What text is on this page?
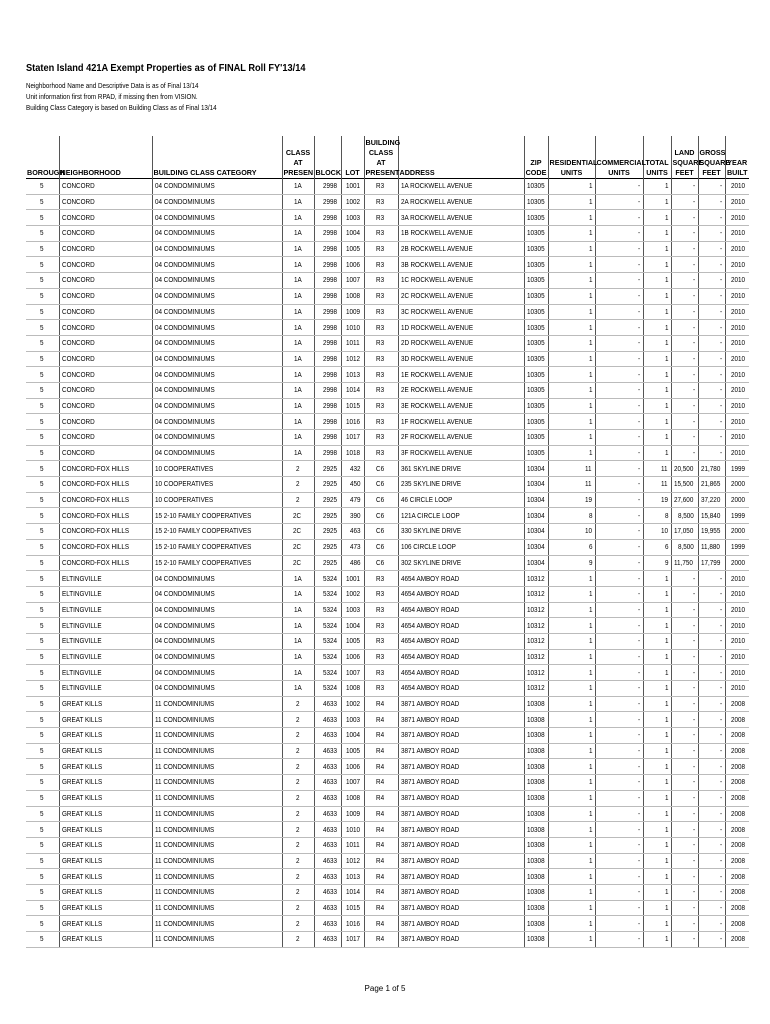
Staten Island 421A Exempt Properties as of FINAL Roll FY'13/14
Neighborhood Name and Descriptive Data is as of Final 13/14
Unit information first from RPAD, if missing then from VISION.
Building Class Category is based on Building Class as of Final 13/14
BOROUGH	NEIGHBORHOOD	BUILDING CLASS CATEGORY	CLASS
AT
PRESEN	BLOCK	LOT	BUILDING
CLASS AT
PRESENT	ADDRESS	ZIP
CODE	RESIDENTIAL
UNITS	COMMERCIAL
UNITS	TOTAL
UNITS	LAND
SQUARE
FEET	GROSS
SQUARE
FEET	YEAR
BUILT
5	CONCORD	04 CONDOMINIUMS	1A	2998	1001	R3	1A ROCKWELL AVENUE	10305	1	-	1	-	-	2010
5	CONCORD	04 CONDOMINIUMS	1A	2998	1002	R3	2A ROCKWELL AVENUE	10305	1	-	1	-	-	2010
5	CONCORD	04 CONDOMINIUMS	1A	2998	1003	R3	3A ROCKWELL AVENUE	10305	1	-	1	-	-	2010
5	CONCORD	04 CONDOMINIUMS	1A	2998	1004	R3	1B ROCKWELL AVENUE	10305	1	-	1	-	-	2010
5	CONCORD	04 CONDOMINIUMS	1A	2998	1005	R3	2B ROCKWELL AVENUE	10305	1	-	1	-	-	2010
5	CONCORD	04 CONDOMINIUMS	1A	2998	1006	R3	3B ROCKWELL AVENUE	10305	1	-	1	-	-	2010
5	CONCORD	04 CONDOMINIUMS	1A	2998	1007	R3	1C ROCKWELL AVENUE	10305	1	-	1	-	-	2010
5	CONCORD	04 CONDOMINIUMS	1A	2998	1008	R3	2C ROCKWELL AVENUE	10305	1	-	1	-	-	2010
5	CONCORD	04 CONDOMINIUMS	1A	2998	1009	R3	3C ROCKWELL AVENUE	10305	1	-	1	-	-	2010
5	CONCORD	04 CONDOMINIUMS	1A	2998	1010	R3	1D ROCKWELL AVENUE	10305	1	-	1	-	-	2010
5	CONCORD	04 CONDOMINIUMS	1A	2998	1011	R3	2D ROCKWELL AVENUE	10305	1	-	1	-	-	2010
5	CONCORD	04 CONDOMINIUMS	1A	2998	1012	R3	3D ROCKWELL AVENUE	10305	1	-	1	-	-	2010
5	CONCORD	04 CONDOMINIUMS	1A	2998	1013	R3	1E ROCKWELL AVENUE	10305	1	-	1	-	-	2010
5	CONCORD	04 CONDOMINIUMS	1A	2998	1014	R3	2E ROCKWELL AVENUE	10305	1	-	1	-	-	2010
5	CONCORD	04 CONDOMINIUMS	1A	2998	1015	R3	3E ROCKWELL AVENUE	10305	1	-	1	-	-	2010
5	CONCORD	04 CONDOMINIUMS	1A	2998	1016	R3	1F ROCKWELL AVENUE	10305	1	-	1	-	-	2010
5	CONCORD	04 CONDOMINIUMS	1A	2998	1017	R3	2F ROCKWELL AVENUE	10305	1	-	1	-	-	2010
5	CONCORD	04 CONDOMINIUMS	1A	2998	1018	R3	3F ROCKWELL AVENUE	10305	1	-	1	-	-	2010
5	CONCORD-FOX HILLS	10 COOPERATIVES	2	2925	432	C6	361 SKYLINE DRIVE	10304	11	-	11	20,500	21,780	1999
5	CONCORD-FOX HILLS	10 COOPERATIVES	2	2925	450	C6	235 SKYLINE DRIVE	10304	11	-	11	15,500	21,865	2000
5	CONCORD-FOX HILLS	10 COOPERATIVES	2	2925	479	C6	46 CIRCLE LOOP	10304	19	-	19	27,600	37,220	2000
5	CONCORD-FOX HILLS	15 2-10 FAMILY COOPERATIVES	2C	2925	390	C6	121A CIRCLE LOOP	10304	8	-	8	8,500	15,840	1999
5	CONCORD-FOX HILLS	15 2-10 FAMILY COOPERATIVES	2C	2925	463	C6	330 SKYLINE DRIVE	10304	10	-	10	17,050	19,955	2000
5	CONCORD-FOX HILLS	15 2-10 FAMILY COOPERATIVES	2C	2925	473	C6	106 CIRCLE LOOP	10304	6	-	6	8,500	11,880	1999
5	CONCORD-FOX HILLS	15 2-10 FAMILY COOPERATIVES	2C	2925	486	C6	302 SKYLINE DRIVE	10304	9	-	9	11,750	17,799	2000
5	ELTINGVILLE	04 CONDOMINIUMS	1A	5324	1001	R3	4654 AMBOY ROAD	10312	1	-	1	-	-	2010
5	ELTINGVILLE	04 CONDOMINIUMS	1A	5324	1002	R3	4654 AMBOY ROAD	10312	1	-	1	-	-	2010
5	ELTINGVILLE	04 CONDOMINIUMS	1A	5324	1003	R3	4654 AMBOY ROAD	10312	1	-	1	-	-	2010
5	ELTINGVILLE	04 CONDOMINIUMS	1A	5324	1004	R3	4654 AMBOY ROAD	10312	1	-	1	-	-	2010
5	ELTINGVILLE	04 CONDOMINIUMS	1A	5324	1005	R3	4654 AMBOY ROAD	10312	1	-	1	-	-	2010
5	ELTINGVILLE	04 CONDOMINIUMS	1A	5324	1006	R3	4654 AMBOY ROAD	10312	1	-	1	-	-	2010
5	ELTINGVILLE	04 CONDOMINIUMS	1A	5324	1007	R3	4654 AMBOY ROAD	10312	1	-	1	-	-	2010
5	ELTINGVILLE	04 CONDOMINIUMS	1A	5324	1008	R3	4654 AMBOY ROAD	10312	1	-	1	-	-	2010
5	GREAT KILLS	11 CONDOMINIUMS	2	4633	1002	R4	3871 AMBOY ROAD	10308	1	-	1	-	-	2008
5	GREAT KILLS	11 CONDOMINIUMS	2	4633	1003	R4	3871 AMBOY ROAD	10308	1	-	1	-	-	2008
5	GREAT KILLS	11 CONDOMINIUMS	2	4633	1004	R4	3871 AMBOY ROAD	10308	1	-	1	-	-	2008
5	GREAT KILLS	11 CONDOMINIUMS	2	4633	1005	R4	3871 AMBOY ROAD	10308	1	-	1	-	-	2008
5	GREAT KILLS	11 CONDOMINIUMS	2	4633	1006	R4	3871 AMBOY ROAD	10308	1	-	1	-	-	2008
5	GREAT KILLS	11 CONDOMINIUMS	2	4633	1007	R4	3871 AMBOY ROAD	10308	1	-	1	-	-	2008
5	GREAT KILLS	11 CONDOMINIUMS	2	4633	1008	R4	3871 AMBOY ROAD	10308	1	-	1	-	-	2008
5	GREAT KILLS	11 CONDOMINIUMS	2	4633	1009	R4	3871 AMBOY ROAD	10308	1	-	1	-	-	2008
5	GREAT KILLS	11 CONDOMINIUMS	2	4633	1010	R4	3871 AMBOY ROAD	10308	1	-	1	-	-	2008
5	GREAT KILLS	11 CONDOMINIUMS	2	4633	1011	R4	3871 AMBOY ROAD	10308	1	-	1	-	-	2008
5	GREAT KILLS	11 CONDOMINIUMS	2	4633	1012	R4	3871 AMBOY ROAD	10308	1	-	1	-	-	2008
5	GREAT KILLS	11 CONDOMINIUMS	2	4633	1013	R4	3871 AMBOY ROAD	10308	1	-	1	-	-	2008
5	GREAT KILLS	11 CONDOMINIUMS	2	4633	1014	R4	3871 AMBOY ROAD	10308	1	-	1	-	-	2008
5	GREAT KILLS	11 CONDOMINIUMS	2	4633	1015	R4	3871 AMBOY ROAD	10308	1	-	1	-	-	2008
5	GREAT KILLS	11 CONDOMINIUMS	2	4633	1016	R4	3871 AMBOY ROAD	10308	1	-	1	-	-	2008
5	GREAT KILLS	11 CONDOMINIUMS	2	4633	1017	R4	3871 AMBOY ROAD	10308	1	-	1	-	-	2008
Page 1 of 5
